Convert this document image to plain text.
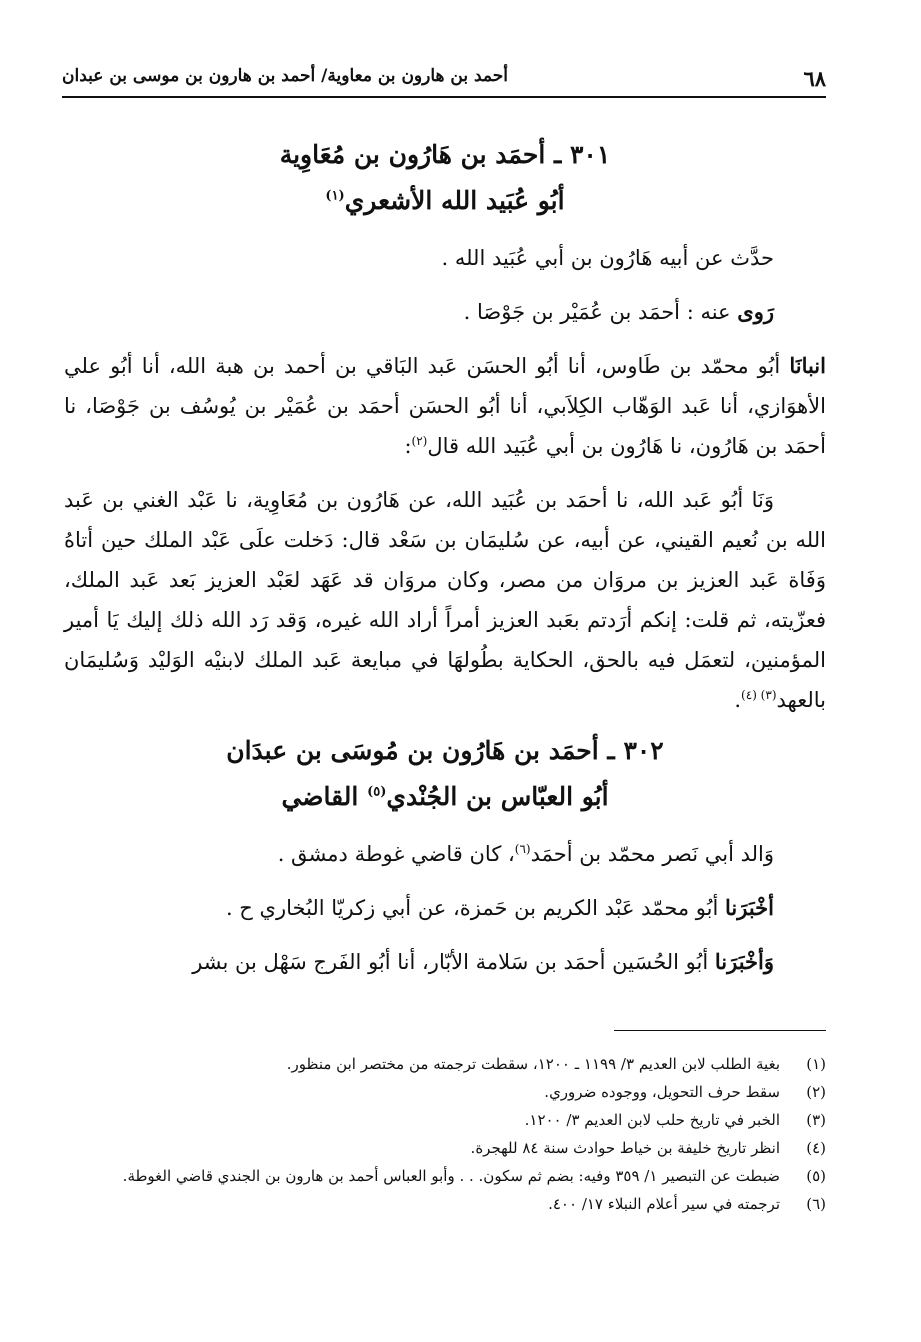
٦٨
أحمد بن هارون بن معاوية/ أحمد بن هارون بن موسى بن عبدان
٣٠١ ـ أحمَد بن هَارُون بن مُعَاوِية
أبُو عُبَيد الله الأشعري$^{(١)}$

حدَّث عن أبيه هَارُون بن أبي عُبَيد الله .

رَوى عنه : أحمَد بن عُمَيْر بن جَوْصَا .

انبانَا أبُو محمّد بن طَاوس، أنا أبُو الحسَن عَبد البَاقي بن أحمد بن هبة الله، أنا أبُو علي الأهوَازي، أنا عَبد الوَهّاب الكِلاَبي، أنا أبُو الحسَن أحمَد بن عُمَيْر بن يُوسُف بن جَوْصَا، نا أحمَد بن هَارُون، نا هَارُون بن أبي عُبَيد الله قال$^{(٢)}$:

وَنَا أبُو عَبد الله، نا أحمَد بن عُبَيد الله، عن هَارُون بن مُعَاوِية، نا عَبْد الغني بن عَبد الله بن نُعيم القيني، عن أبيه، عن سُليمَان بن سَعْد قال: دَخلت علَى عَبْد الملك حين أتاهُ وَفَاة عَبد العزيز بن مروَان من مصر، وكان مروَان قد عَهَد لعَبْد العزيز بَعد عَبد الملك، فعزّيته، ثم قلت: إنكم أرَدتم بعَبد العزيز أمراً أراد الله غيره، وَقد رَد الله ذلك إليك يَا أمير المؤمنين، لتعمَل فيه بالحق، الحكاية بطُولهَا في مبايعة عَبد الملك لابنيْه الوَليْد وَسُليمَان بالعهد$^{(٣) (٤)}$.

٣٠٢ ـ أحمَد بن هَارُون بن مُوسَى بن عبدَان
أبُو العبّاس بن الجُنْدي$^{(٥)}$ القاضي

وَالد أبي نَصر محمّد بن أحمَد$^{(٦)}$، كان قاضي غوطة دمشق .

أخْبَرَنا أبُو محمّد عَبْد الكريم بن حَمزة، عن أبي زكريّا البُخاري ح .

وَأخْبَرَنا أبُو الحُسَين أحمَد بن سَلامة الأبّار، أنا أبُو الفَرج سَهْل بن بشر

(١)
بغية الطلب لابن العديم ٣/ ١١٩٩ ـ ١٢٠٠، سقطت ترجمته من مختصر ابن منظور.
(٢)
سقط حرف التحويل، ووجوده ضروري.
(٣)
الخبر في تاريخ حلب لابن العديم ٣/ ١٢٠٠.
(٤)
انظر تاريخ خليفة بن خياط حوادث سنة ٨٤ للهجرة.
(٥)
ضبطت عن التبصير ١/ ٣٥٩ وفيه: بضم ثم سكون. . . وأبو العباس أحمد بن هارون بن الجندي قاضي الغوطة.
(٦)
ترجمته في سير أعلام النبلاء ١٧/ ٤٠٠.
